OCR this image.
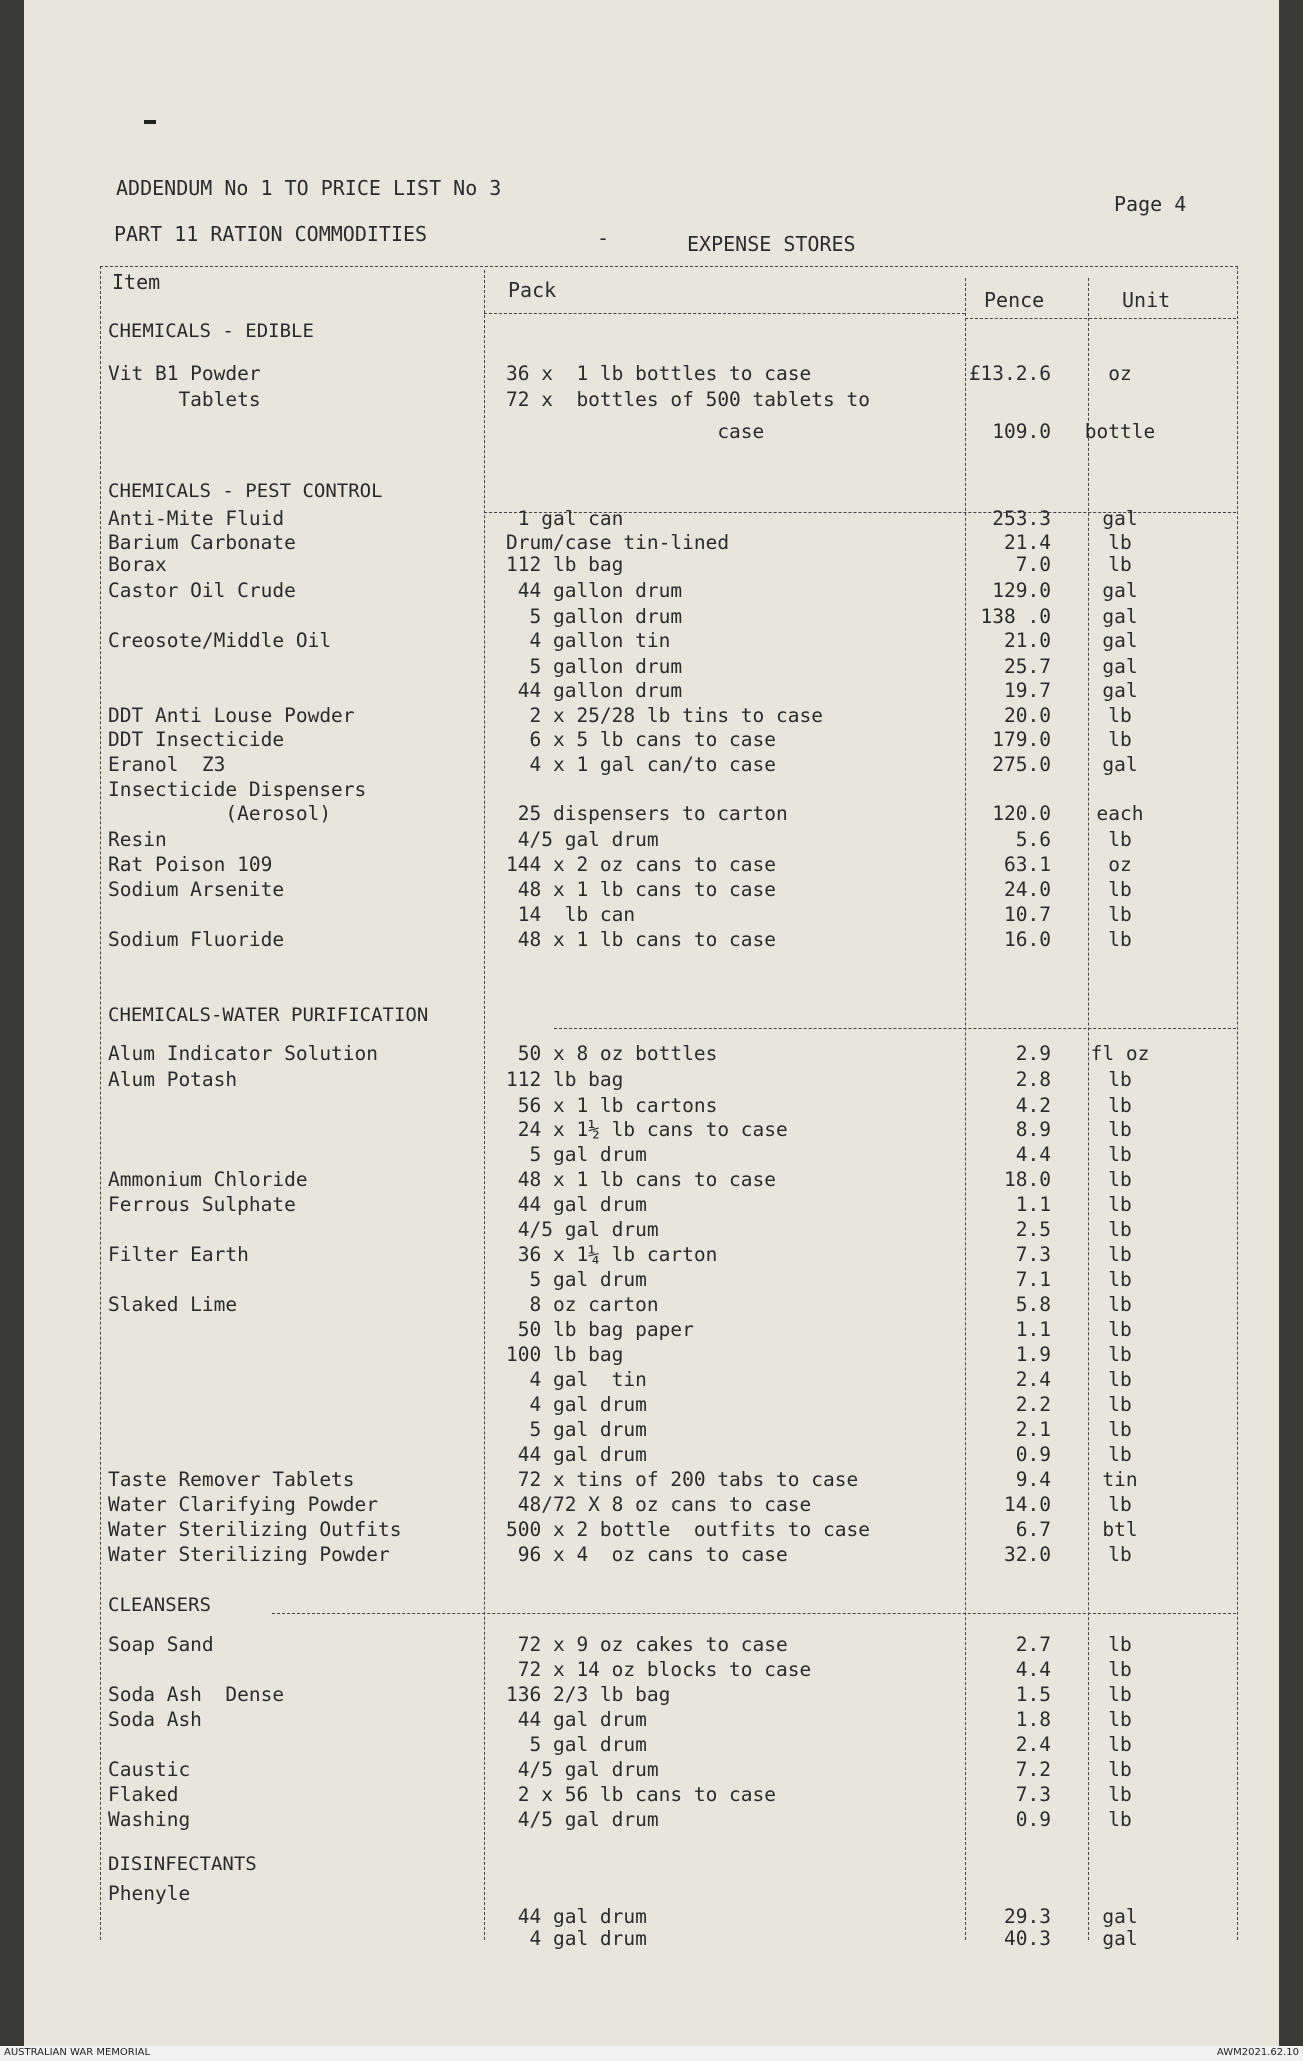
ADDENDUM No 1 TO PRICE LIST No 3
Page 4
PART 11 RATION COMMODITIES	-	EXPENSE STORES
Item	Pack	Pence	Unit
CHEMICALS - EDIBLE
Vit B1 Powder	36 x  1 lb bottles to case	£13.2.6	oz
Tablets	72 x  bottles of 500 tablets to
case	109.0	bottle
CHEMICALS - PEST CONTROL
Anti-Mite Fluid	1 gal can	253.3	gal
Barium Carbonate	Drum/case tin-lined	21.4	lb
Borax	112 lb bag	7.0	lb
Castor Oil Crude	44 gallon drum	129.0	gal
5 gallon drum	138 .0	gal
Creosote/Middle Oil	4 gallon tin	21.0	gal
5 gallon drum	25.7	gal
44 gallon drum	19.7	gal
DDT Anti Louse Powder	2 x 25/28 lb tins to case	20.0	lb
DDT Insecticide	6 x 5 lb cans to case	179.0	lb
Eranol  Z3	4 x 1 gal can/to case	275.0	gal
Insecticide Dispensers
(Aerosol)	25 dispensers to carton	120.0	each
Resin	4/5 gal drum	5.6	lb
Rat Poison 109	144 x 2 oz cans to case	63.1	oz
Sodium Arsenite	48 x 1 lb cans to case	24.0	lb
14  lb can	10.7	lb
Sodium Fluoride	48 x 1 lb cans to case	16.0	lb
CHEMICALS-WATER PURIFICATION
Alum Indicator Solution	50 x 8 oz bottles	2.9	fl oz
Alum Potash	112 lb bag	2.8	lb
56 x 1 lb cartons	4.2	lb
24 x 1½ lb cans to case	8.9	lb
5 gal drum	4.4	lb
Ammonium Chloride	48 x 1 lb cans to case	18.0	lb
Ferrous Sulphate	44 gal drum	1.1	lb
4/5 gal drum	2.5	lb
Filter Earth	36 x 1¼ lb carton	7.3	lb
5 gal drum	7.1	lb
Slaked Lime	8 oz carton	5.8	lb
50 lb bag paper	1.1	lb
100 lb bag	1.9	lb
4 gal  tin	2.4	lb
4 gal drum	2.2	lb
5 gal drum	2.1	lb
44 gal drum	0.9	lb
Taste Remover Tablets	72 x tins of 200 tabs to case	9.4	tin
Water Clarifying Powder	48/72 X 8 oz cans to case	14.0	lb
Water Sterilizing Outfits	500 x 2 bottle  outfits to case	6.7	btl
Water Sterilizing Powder	96 x 4  oz cans to case	32.0	lb
CLEANSERS
Soap Sand	72 x 9 oz cakes to case	2.7	lb
72 x 14 oz blocks to case	4.4	lb
Soda Ash  Dense	136 2/3 lb bag	1.5	lb
Soda Ash	44 gal drum	1.8	lb
5 gal drum	2.4	lb
Caustic	4/5 gal drum	7.2	lb
Flaked	2 x 56 lb cans to case	7.3	lb
Washing	4/5 gal drum	0.9	lb
DISINFECTANTS
Phenyle
44 gal drum	29.3	gal
4 gal drum	40.3	gal
AUSTRALIAN WAR MEMORIAL	AWM2021.62.10
